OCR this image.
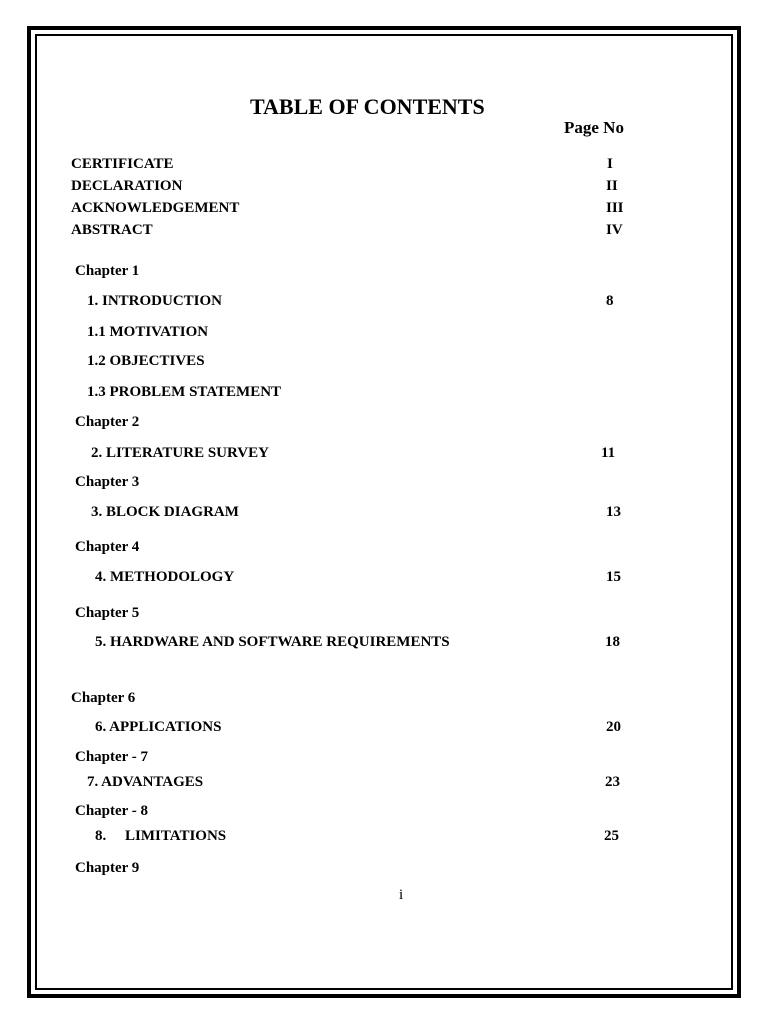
TABLE OF CONTENTS
Page No
CERTIFICATE	I
DECLARATION	II
ACKNOWLEDGEMENT	III
ABSTRACT	IV
Chapter 1
1. INTRODUCTION	8
1.1 MOTIVATION
1.2 OBJECTIVES
1.3 PROBLEM STATEMENT
Chapter 2
2. LITERATURE SURVEY	11
Chapter 3
3. BLOCK DIAGRAM	13
Chapter 4
4. METHODOLOGY	15
Chapter 5
5. HARDWARE AND SOFTWARE REQUIREMENTS	18
Chapter 6
6. APPLICATIONS	20
Chapter - 7
7. ADVANTAGES	23
Chapter - 8
8.     LIMITATIONS	25
Chapter 9
i
